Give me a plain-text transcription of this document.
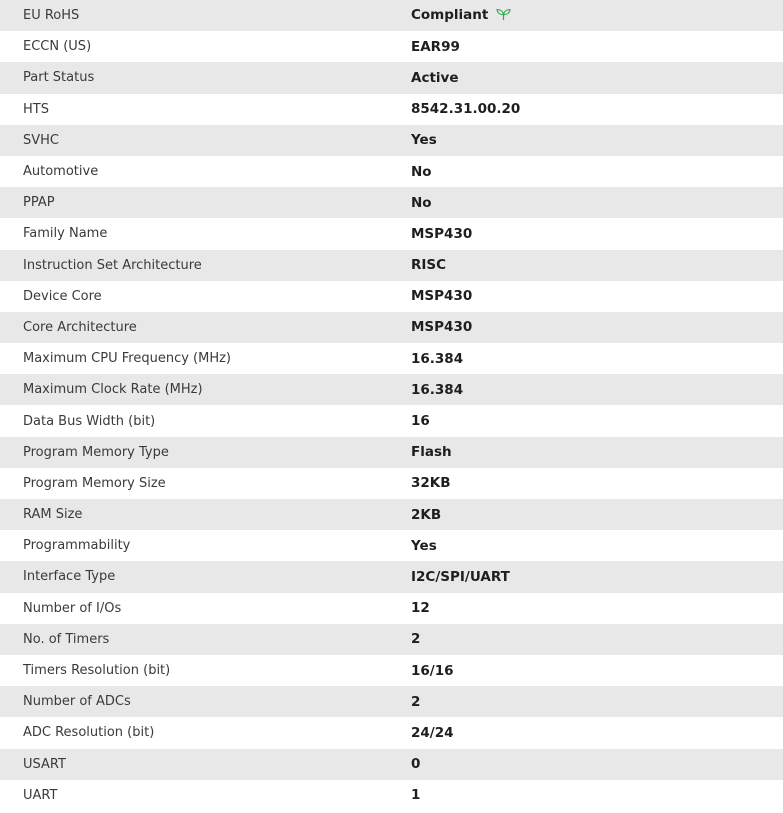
EU RoHS	Compliant
ECCN (US)	EAR99
Part Status	Active
HTS	8542.31.00.20
SVHC	Yes
Automotive	No
PPAP	No
Family Name	MSP430
Instruction Set Architecture	RISC
Device Core	MSP430
Core Architecture	MSP430
Maximum CPU Frequency (MHz)	16.384
Maximum Clock Rate (MHz)	16.384
Data Bus Width (bit)	16
Program Memory Type	Flash
Program Memory Size	32KB
RAM Size	2KB
Programmability	Yes
Interface Type	I2C/SPI/UART
Number of I/Os	12
No. of Timers	2
Timers Resolution (bit)	16/16
Number of ADCs	2
ADC Resolution (bit)	24/24
USART	0
UART	1
